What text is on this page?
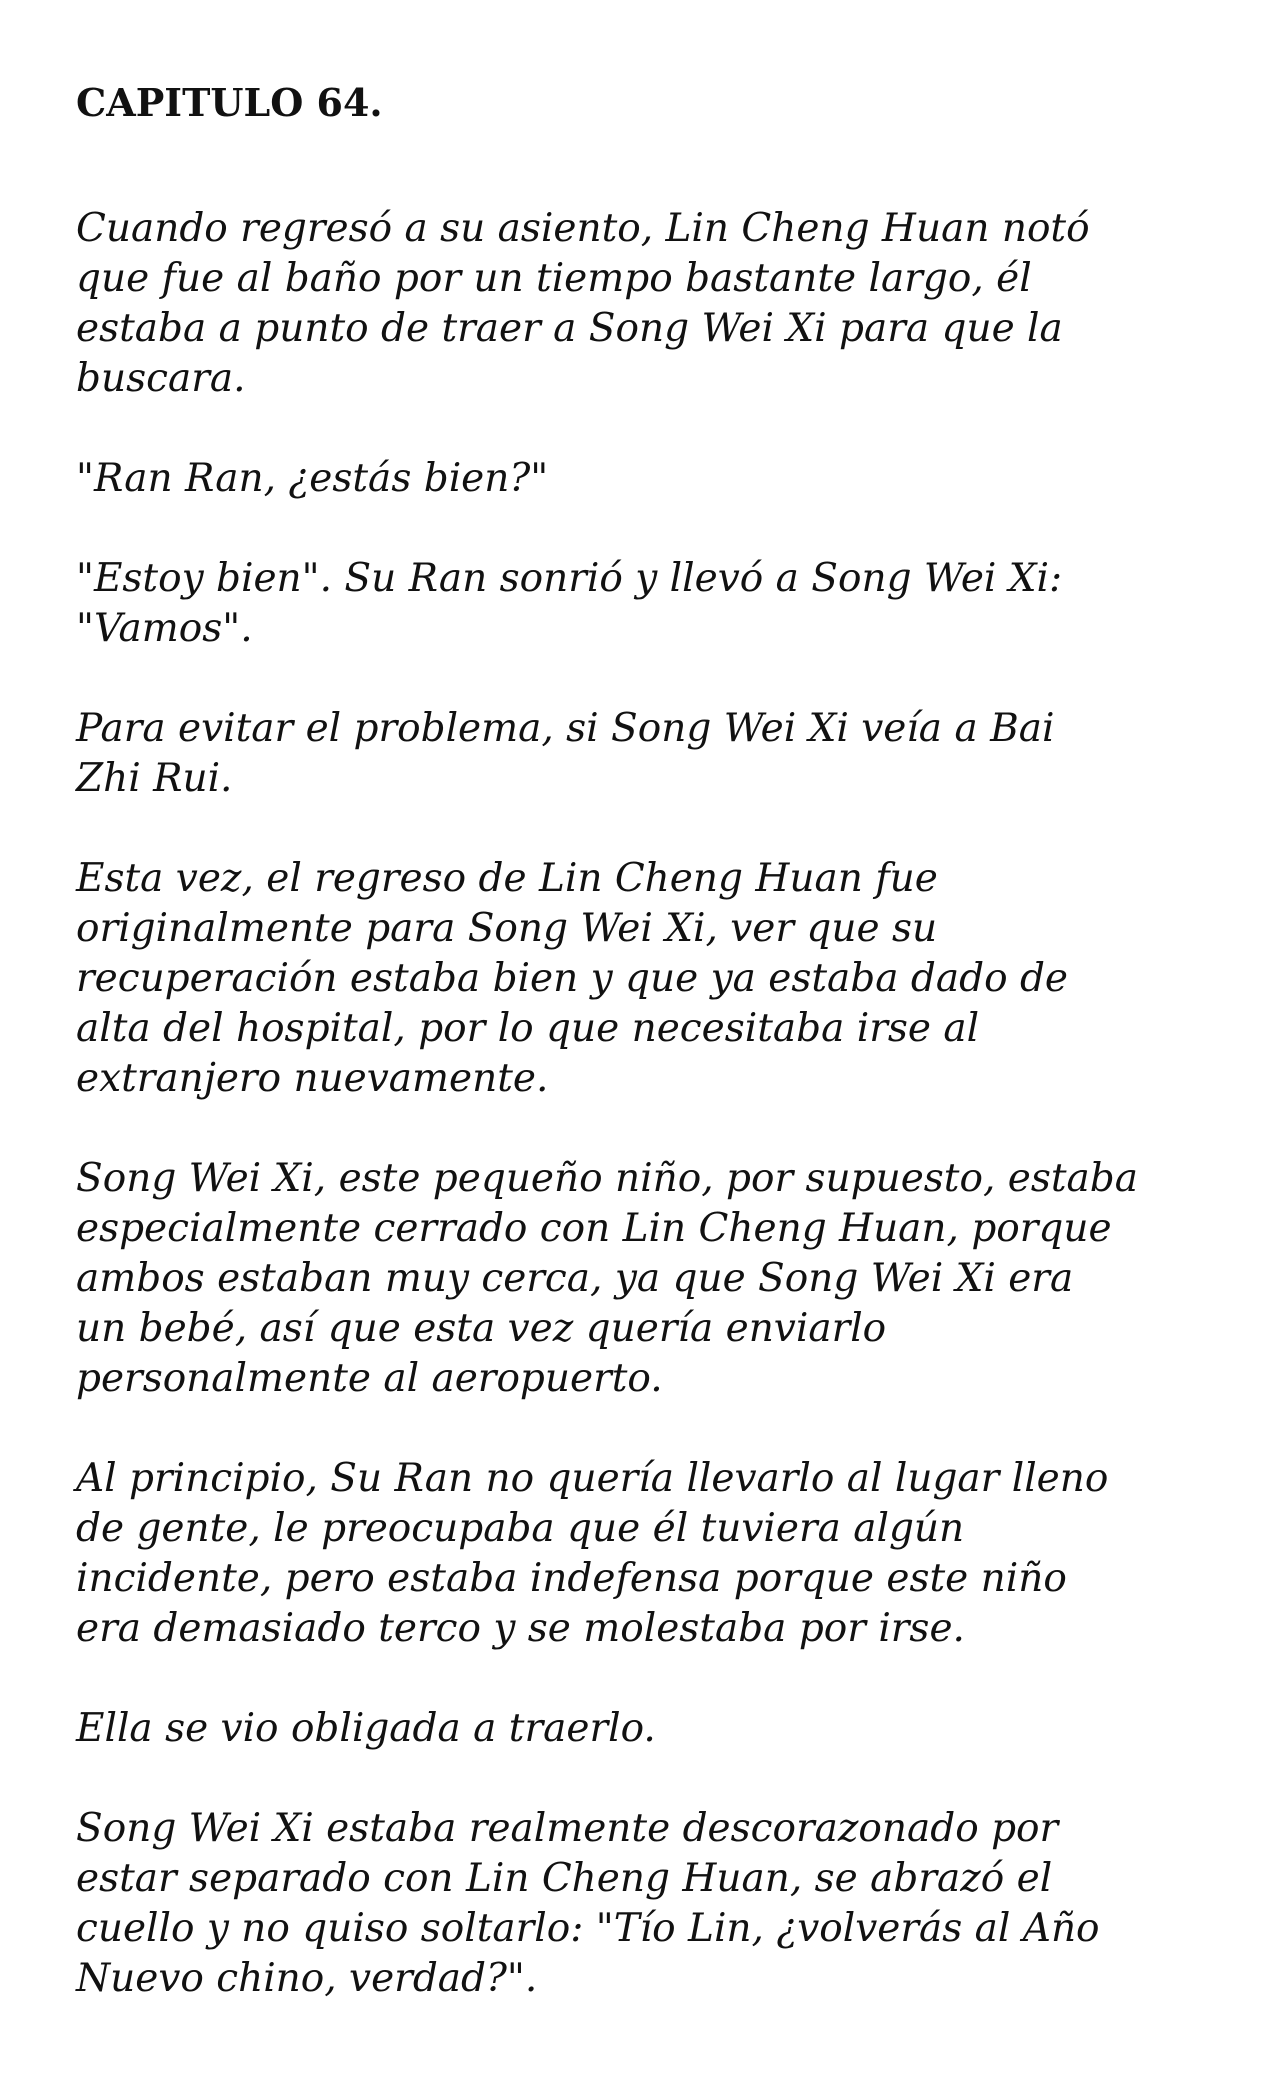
CAPITULO 64.

Cuando regresó a su asiento, Lin Cheng Huan notó
que fue al baño por un tiempo bastante largo, él
estaba a punto de traer a Song Wei Xi para que la
buscara.

"Ran Ran, ¿estás bien?"

"Estoy bien". Su Ran sonrió y llevó a Song Wei Xi:
"Vamos".

Para evitar el problema, si Song Wei Xi veía a Bai
Zhi Rui.

Esta vez, el regreso de Lin Cheng Huan fue
originalmente para Song Wei Xi, ver que su
recuperación estaba bien y que ya estaba dado de
alta del hospital, por lo que necesitaba irse al
extranjero nuevamente.

Song Wei Xi, este pequeño niño, por supuesto, estaba
especialmente cerrado con Lin Cheng Huan, porque
ambos estaban muy cerca, ya que Song Wei Xi era
un bebé, así que esta vez quería enviarlo
personalmente al aeropuerto.

Al principio, Su Ran no quería llevarlo al lugar lleno
de gente, le preocupaba que él tuviera algún
incidente, pero estaba indefensa porque este niño
era demasiado terco y se molestaba por irse.

Ella se vio obligada a traerlo.

Song Wei Xi estaba realmente descorazonado por
estar separado con Lin Cheng Huan, se abrazó el
cuello y no quiso soltarlo: "Tío Lin, ¿volverás al Año
Nuevo chino, verdad?".
